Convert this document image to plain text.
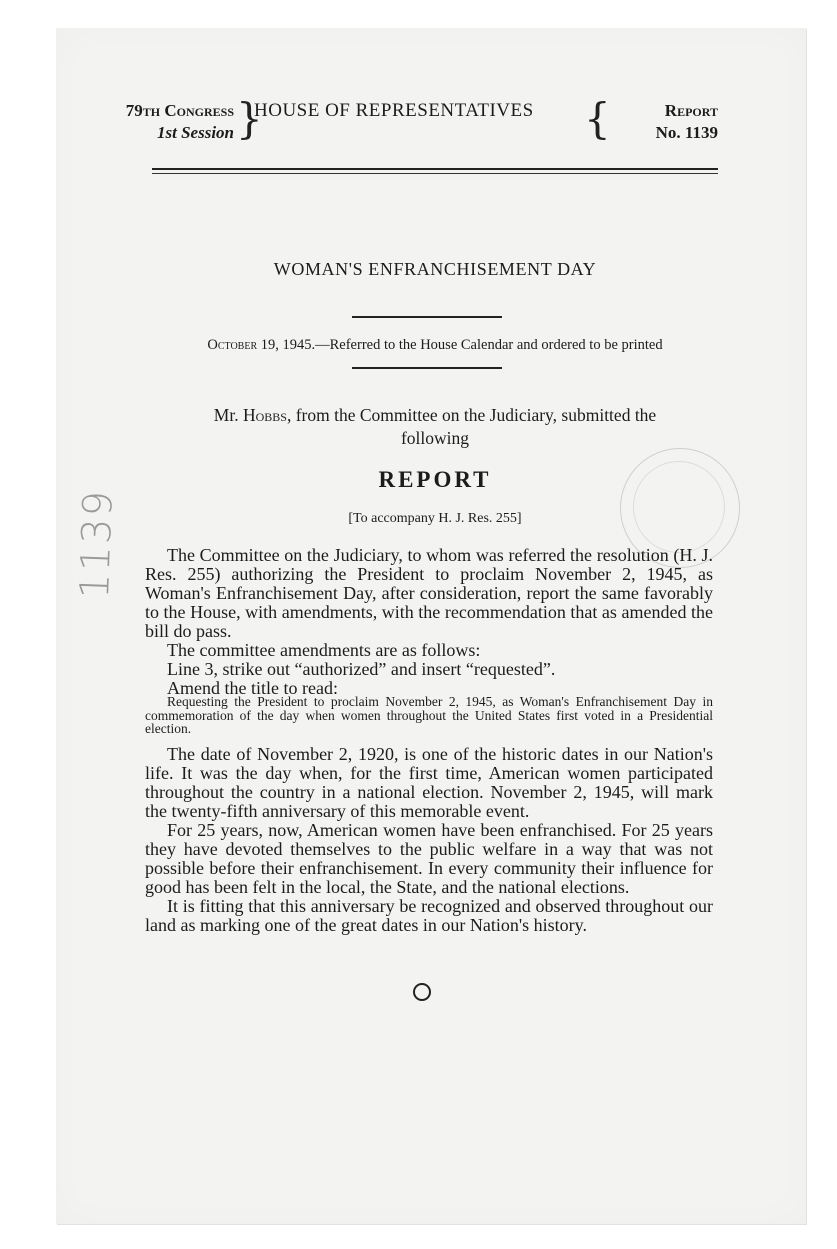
79th Congress
1st Session }
HOUSE OF REPRESENTATIVES	{	Report
No. 1139
WOMAN'S ENFRANCHISEMENT DAY
October 19, 1945.—Referred to the House Calendar and ordered to be printed
Mr. Hobbs, from the Committee on the Judiciary, submitted the
following
REPORT
[To accompany H. J. Res. 255]
1139	The Committee on the Judiciary, to whom was referred the resolution (H. J. Res. 255) authorizing the President to proclaim November 2, 1945, as Woman's Enfranchisement Day, after consideration, report the same favorably to the House, with amendments, with the recommendation that as amended the bill do pass.

The committee amendments are as follows:

Line 3, strike out “authorized” and insert “requested”.

Amend the title to read:

Requesting the President to proclaim November 2, 1945, as Woman's Enfranchisement Day in commemoration of the day when women throughout the United States first voted in a Presidential election.

The date of November 2, 1920, is one of the historic dates in our Nation's life. It was the day when, for the first time, American women participated throughout the country in a national election. November 2, 1945, will mark the twenty-fifth anniversary of this memorable event.

For 25 years, now, American women have been enfranchised. For 25 years they have devoted themselves to the public welfare in a way that was not possible before their enfranchisement. In every community their influence for good has been felt in the local, the State, and the national elections.

It is fitting that this anniversary be recognized and observed throughout our land as marking one of the great dates in our Nation's history.
